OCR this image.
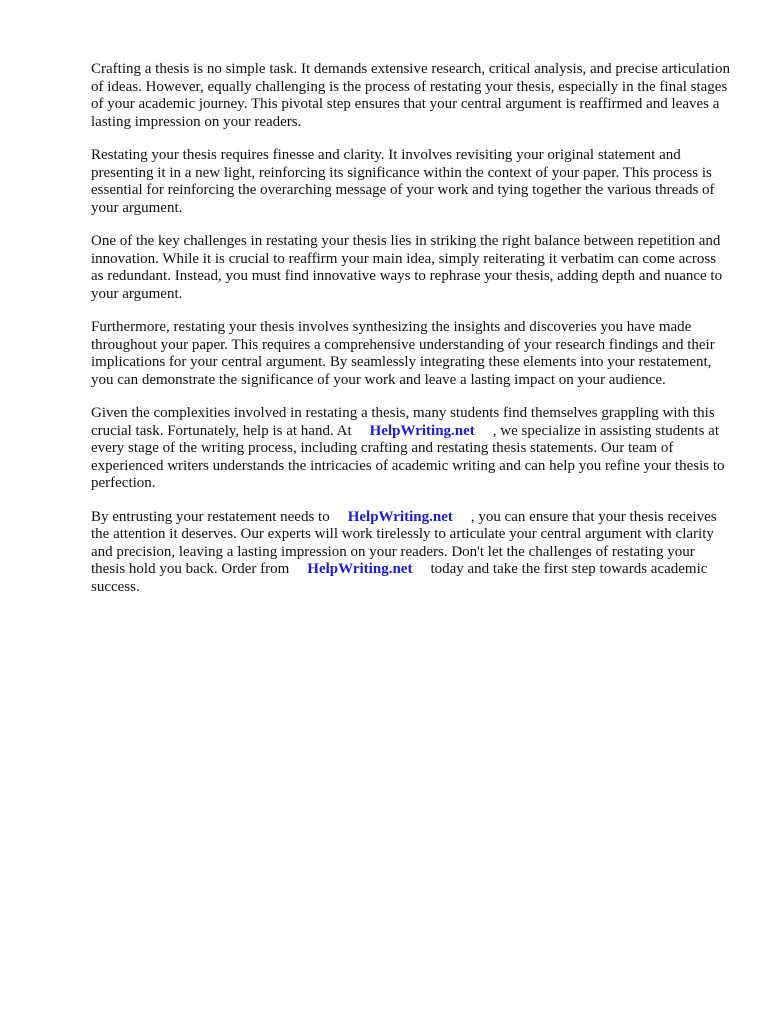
Crafting a thesis is no simple task. It demands extensive research, critical analysis, and precise articulation of ideas. However, equally challenging is the process of restating your thesis, especially in the final stages of your academic journey. This pivotal step ensures that your central argument is reaffirmed and leaves a lasting impression on your readers.

Restating your thesis requires finesse and clarity. It involves revisiting your original statement and presenting it in a new light, reinforcing its significance within the context of your paper. This process is essential for reinforcing the overarching message of your work and tying together the various threads of your argument.

One of the key challenges in restating your thesis lies in striking the right balance between repetition and innovation. While it is crucial to reaffirm your main idea, simply reiterating it verbatim can come across as redundant. Instead, you must find innovative ways to rephrase your thesis, adding depth and nuance to your argument.

Furthermore, restating your thesis involves synthesizing the insights and discoveries you have made throughout your paper. This requires a comprehensive understanding of your research findings and their implications for your central argument. By seamlessly integrating these elements into your restatement, you can demonstrate the significance of your work and leave a lasting impact on your audience.

Given the complexities involved in restating a thesis, many students find themselves grappling with this crucial task. Fortunately, help is at hand. At HelpWriting.net , we specialize in assisting students at every stage of the writing process, including crafting and restating thesis statements. Our team of experienced writers understands the intricacies of academic writing and can help you refine your thesis to perfection.

By entrusting your restatement needs to HelpWriting.net , you can ensure that your thesis receives the attention it deserves. Our experts will work tirelessly to articulate your central argument with clarity and precision, leaving a lasting impression on your readers. Don't let the challenges of restating your thesis hold you back. Order from HelpWriting.net today and take the first step towards academic success.
